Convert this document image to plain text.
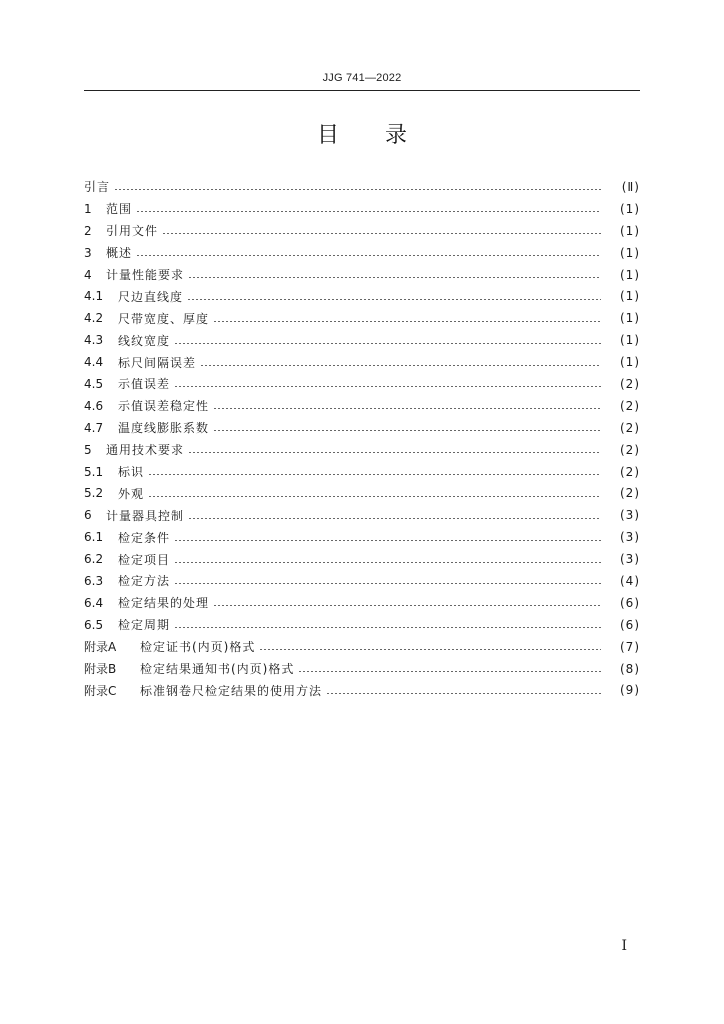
JJG 741—2022
目录
引言	(Ⅱ)
1	范围	(1)
2	引用文件	(1)
3	概述	(1)
4	计量性能要求	(1)
4.1	尺边直线度	(1)
4.2	尺带宽度、厚度	(1)
4.3	线纹宽度	(1)
4.4	标尺间隔误差	(1)
4.5	示值误差	(2)
4.6	示值误差稳定性	(2)
4.7	温度线膨胀系数	(2)
5	通用技术要求	(2)
5.1	标识	(2)
5.2	外观	(2)
6	计量器具控制	(3)
6.1	检定条件	(3)
6.2	检定项目	(3)
6.3	检定方法	(4)
6.4	检定结果的处理	(6)
6.5	检定周期	(6)
附录A	检定证书(内页)格式	(7)
附录B	检定结果通知书(内页)格式	(8)
附录C	标准钢卷尺检定结果的使用方法	(9)
I
